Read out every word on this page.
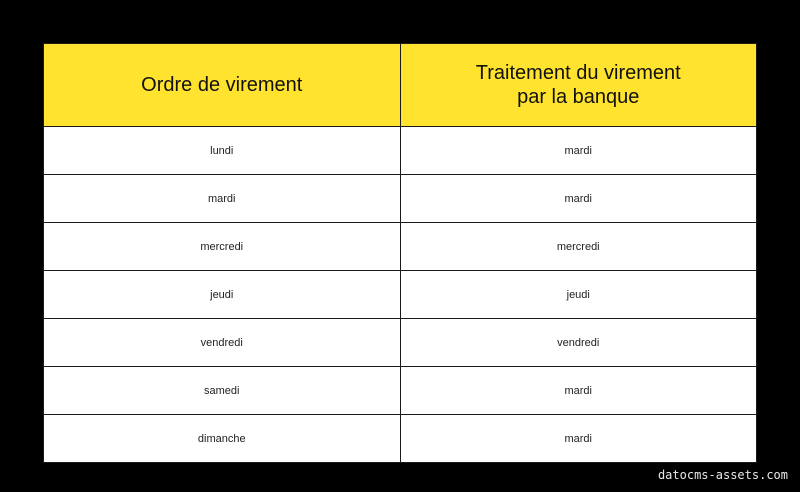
Ordre de virement	Traitement du virement
par la banque

lundi	mardi
mardi	mardi
mercredi	mercredi
jeudi	jeudi
vendredi	vendredi
samedi	mardi
dimanche	mardi
datocms-assets.com
